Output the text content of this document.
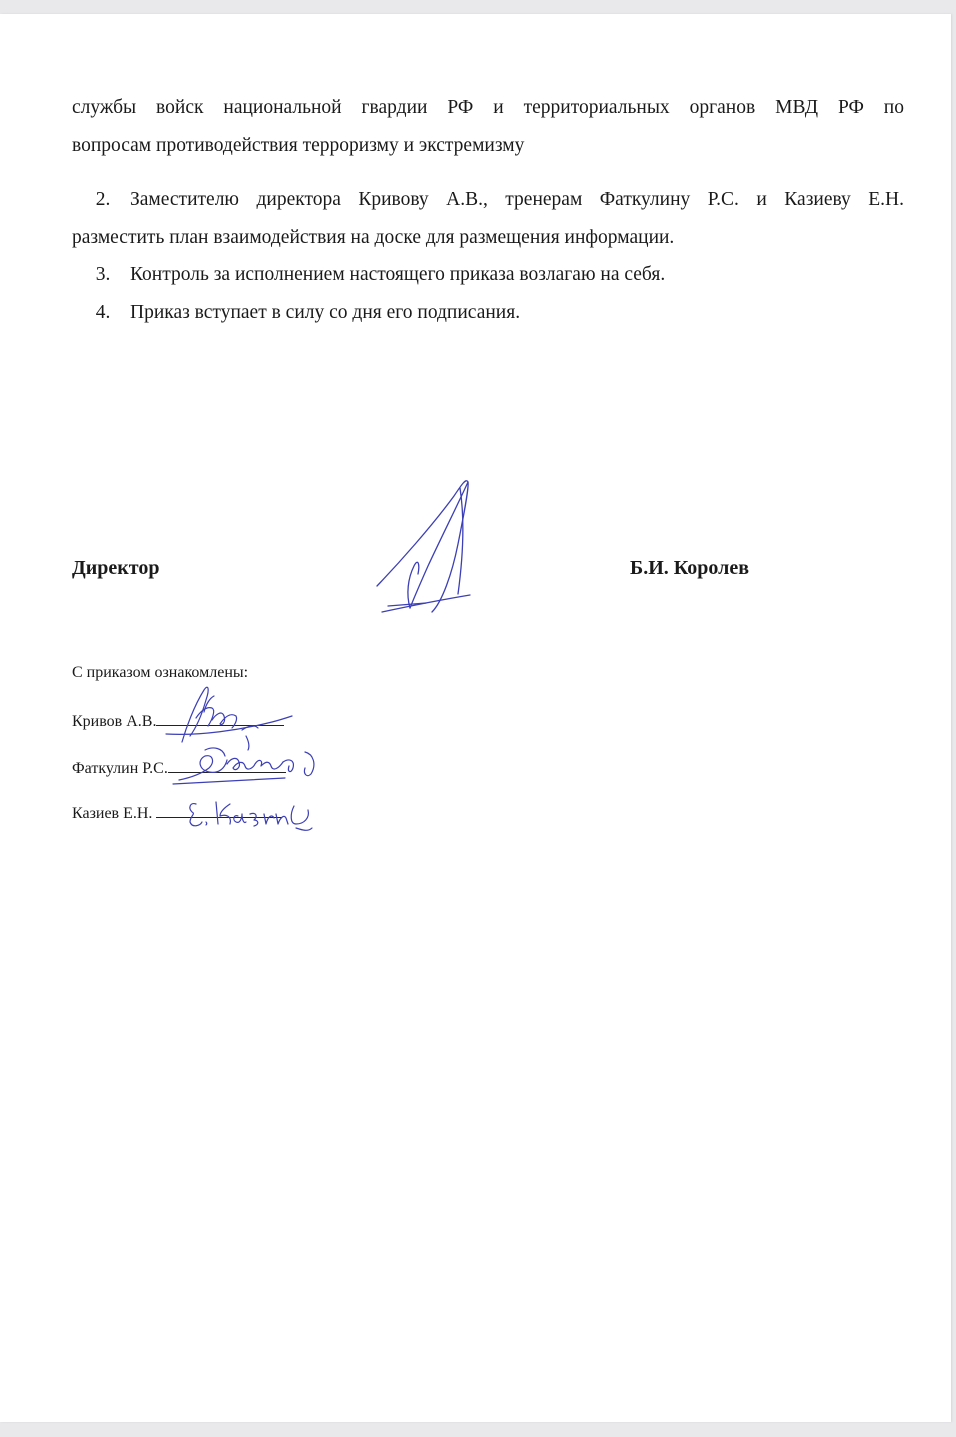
службы войск национальной гвардии РФ и территориальных органов МВД РФ по
вопросам противодействия терроризму и экстремизму
2. Заместителю директора Кривову А.В., тренерам Фаткулину Р.С. и Казиеву Е.Н.
разместить план взаимодействия на доске для размещения информации.
3. Контроль за исполнением настоящего приказа возлагаю на себя.
4. Приказ вступает в силу со дня его подписания.
Директор	Б.И. Королев
С приказом ознакомлены:
Кривов А.В.
Фаткулин Р.С.
Казиев Е.Н.
